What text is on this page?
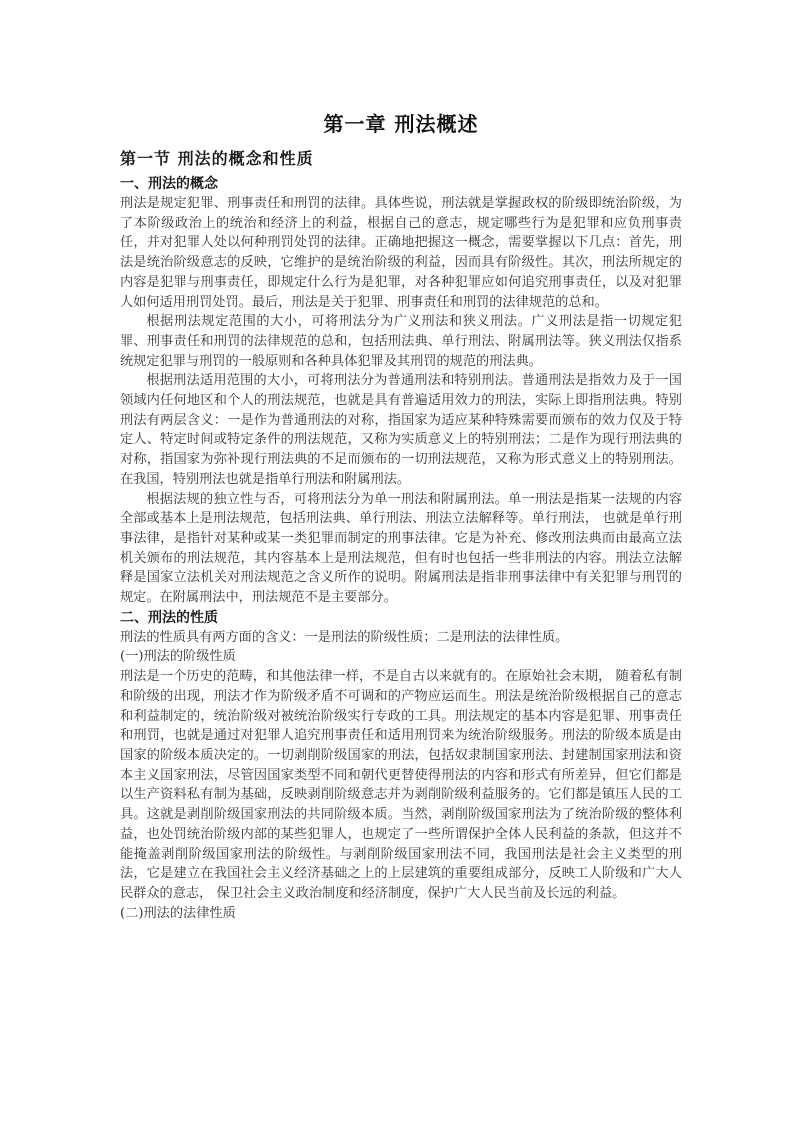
第一章 刑法概述
第一节 刑法的概念和性质
一、刑法的概念

刑法是规定犯罪、刑事责任和刑罚的法律。具体些说，刑法就是掌握政权的阶级即统治阶级，为了本阶级政治上的统治和经济上的利益，根据自己的意志，规定哪些行为是犯罪和应负刑事责任，并对犯罪人处以何种刑罚处罚的法律。正确地把握这一概念，需要掌握以下几点：首先，刑法是统治阶级意志的反映，它维护的是统治阶级的利益，因而具有阶级性。其次，刑法所规定的内容是犯罪与刑事责任，即规定什么行为是犯罪，对各种犯罪应如何追究刑事责任，以及对犯罪人如何适用刑罚处罚。最后，刑法是关于犯罪、刑事责任和刑罚的法律规范的总和。

根据刑法规定范围的大小，可将刑法分为广义刑法和狭义刑法。广义刑法是指一切规定犯罪、刑事责任和刑罚的法律规范的总和，包括刑法典、单行刑法、附属刑法等。狭义刑法仅指系统规定犯罪与刑罚的一般原则和各种具体犯罪及其刑罚的规范的刑法典。

根据刑法适用范围的大小，可将刑法分为普通刑法和特别刑法。普通刑法是指效力及于一国领域内任何地区和个人的刑法规范，也就是具有普遍适用效力的刑法，实际上即指刑法典。特别刑法有两层含义：一是作为普通刑法的对称，指国家为适应某种特殊需要而颁布的效力仅及于特定人、特定时间或特定条件的刑法规范，又称为实质意义上的特别刑法；二是作为现行刑法典的对称，指国家为弥补现行刑法典的不足而颁布的一切刑法规范，又称为形式意义上的特别刑法。在我国，特别刑法也就是指单行刑法和附属刑法。

根据法规的独立性与否，可将刑法分为单一刑法和附属刑法。单一刑法是指某一法规的内容全部或基本上是刑法规范，包括刑法典、单行刑法、刑法立法解释等。单行刑法， 也就是单行刑事法律，是指针对某种或某一类犯罪而制定的刑事法律。它是为补充、修改刑法典而由最高立法机关颁布的刑法规范，其内容基本上是刑法规范，但有时也包括一些非刑法的内容。刑法立法解释是国家立法机关对刑法规范之含义所作的说明。附属刑法是指非刑事法律中有关犯罪与刑罚的规定。在附属刑法中，刑法规范不是主要部分。

二、刑法的性质

刑法的性质具有两方面的含义：一是刑法的阶级性质；二是刑法的法律性质。

(一)刑法的阶级性质

刑法是一个历史的范畴，和其他法律一样，不是自古以来就有的。在原始社会末期， 随着私有制和阶级的出现，刑法才作为阶级矛盾不可调和的产物应运而生。刑法是统治阶级根据自己的意志和利益制定的，统治阶级对被统治阶级实行专政的工具。刑法规定的基本内容是犯罪、刑事责任和刑罚，也就是通过对犯罪人追究刑事责任和适用刑罚来为统治阶级服务。刑法的阶级本质是由国家的阶级本质决定的。一切剥削阶级国家的刑法，包括奴隶制国家刑法、封建制国家刑法和资本主义国家刑法，尽管因国家类型不同和朝代更替使得刑法的内容和形式有所差异，但它们都是以生产资料私有制为基础，反映剥削阶级意志并为剥削阶级利益服务的。它们都是镇压人民的工具。这就是剥削阶级国家刑法的共同阶级本质。当然，剥削阶级国家刑法为了统治阶级的整体利益，也处罚统治阶级内部的某些犯罪人，也规定了一些所谓保护全体人民利益的条款，但这并不能掩盖剥削阶级国家刑法的阶级性。与剥削阶级国家刑法不同，我国刑法是社会主义类型的刑法，它是建立在我国社会主义经济基础之上的上层建筑的重要组成部分，反映工人阶级和广大人民群众的意志， 保卫社会主义政治制度和经济制度，保护广大人民当前及长远的利益。

(二)刑法的法律性质
